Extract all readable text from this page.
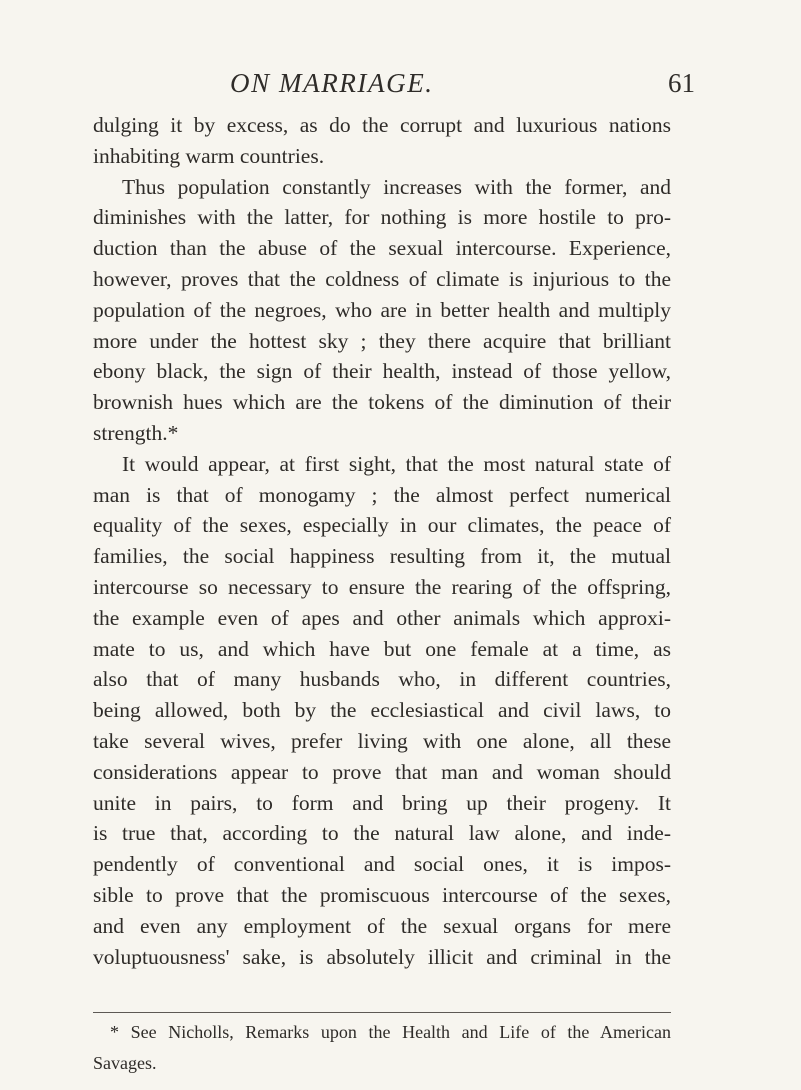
ON MARRIAGE.	61
dulging it by excess, as do the corrupt and luxurious nations
inhabiting warm countries.
Thus population constantly increases with the former, and
diminishes with the latter, for nothing is more hostile to pro-
duction than the abuse of the sexual intercourse. Experience,
however, proves that the coldness of climate is injurious to the
population of the negroes, who are in better health and multiply
more under the hottest sky ; they there acquire that brilliant
ebony black, the sign of their health, instead of those yellow,
brownish hues which are the tokens of the diminution of their
strength.*
It would appear, at first sight, that the most natural state of
man is that of monogamy ; the almost perfect numerical
equality of the sexes, especially in our climates, the peace of
families, the social happiness resulting from it, the mutual
intercourse so necessary to ensure the rearing of the offspring,
the example even of apes and other animals which approxi-
mate to us, and which have but one female at a time, as
also that of many husbands who, in different countries,
being allowed, both by the ecclesiastical and civil laws, to
take several wives, prefer living with one alone, all these
considerations appear to prove that man and woman should
unite in pairs, to form and bring up their progeny. It
is true that, according to the natural law alone, and inde-
pendently of conventional and social ones, it is impos-
sible to prove that the promiscuous intercourse of the sexes,
and even any employment of the sexual organs for mere
voluptuousness' sake, is absolutely illicit and criminal in the
* See Nicholls, Remarks upon the Health and Life of the American
Savages.
